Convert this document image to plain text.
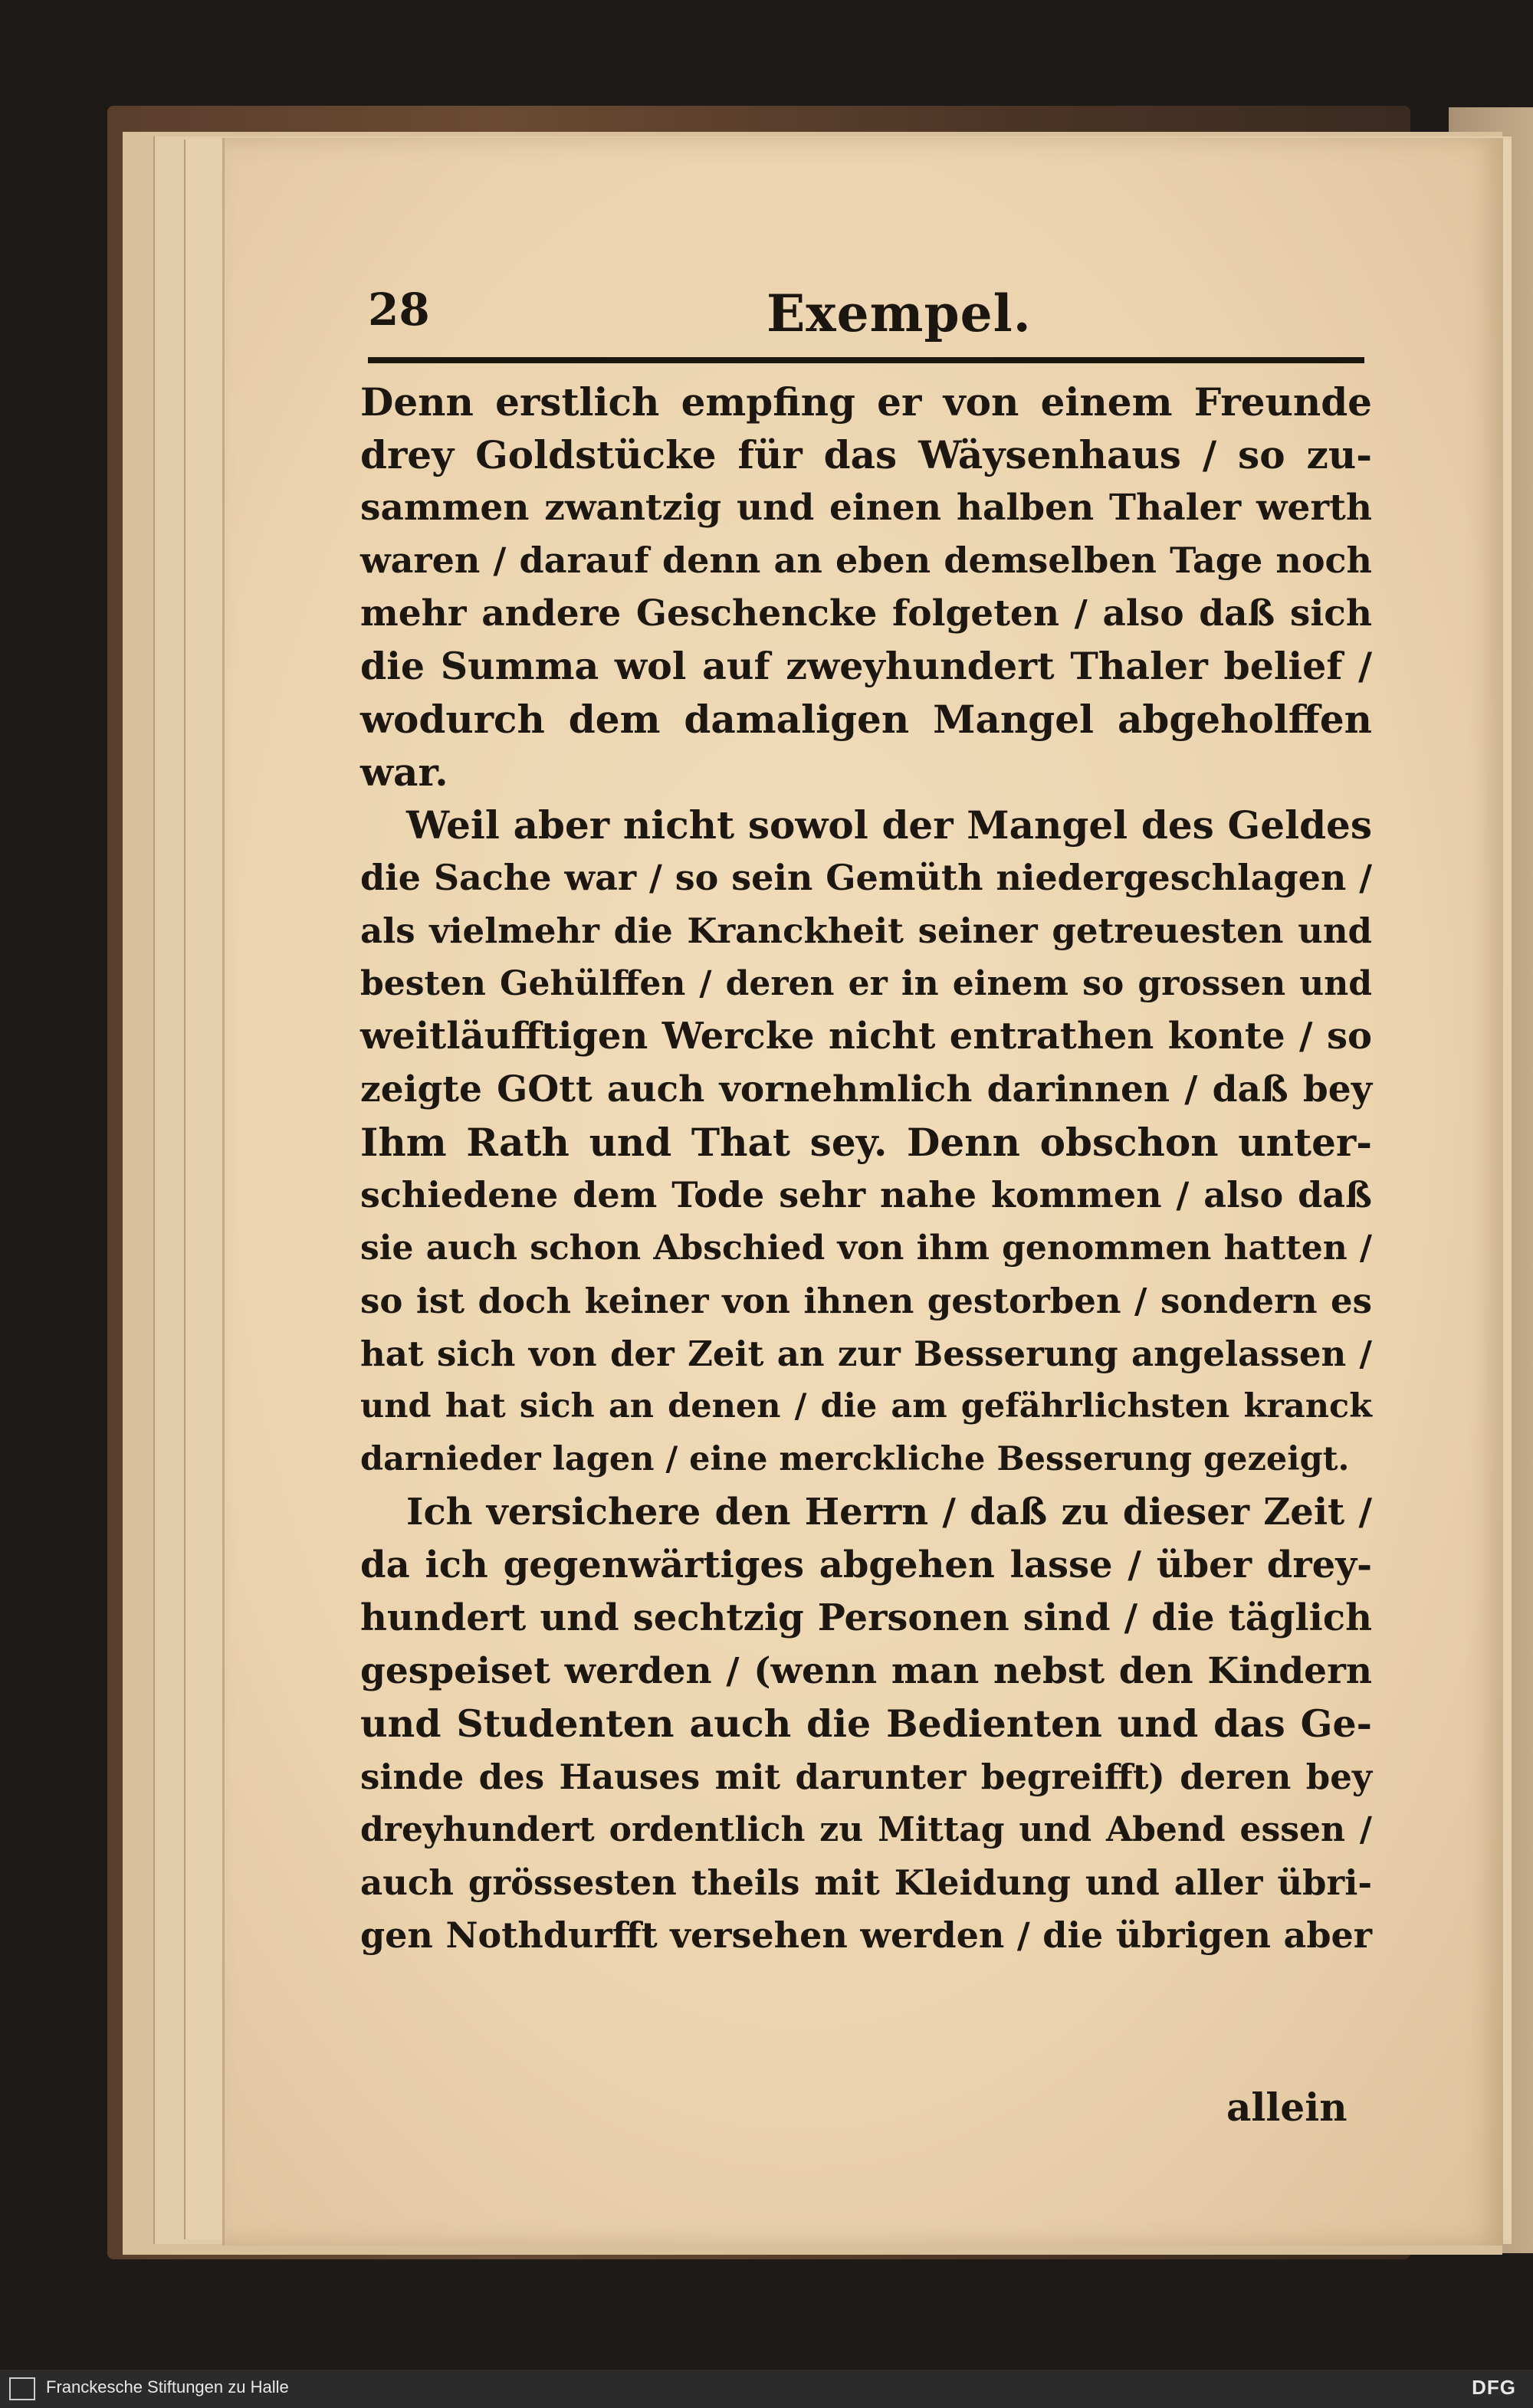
28	Exempel.
Denn erstlich empfing er von einem Freunde
drey Goldstücke für das Wäysenhaus / so zu-
sammen zwantzig und einen halben Thaler werth
waren / darauf denn an eben demselben Tage noch
mehr andere Geschencke folgeten / also daß sich
die Summa wol auf zweyhundert Thaler belief /
wodurch dem damaligen Mangel abgeholffen
war.
Weil aber nicht sowol der Mangel des Geldes
die Sache war / so sein Gemüth niedergeschlagen /
als vielmehr die Kranckheit seiner getreuesten und
besten Gehülffen / deren er in einem so grossen und
weitläufftigen Wercke nicht entrathen konte / so
zeigte GOtt auch vornehmlich darinnen / daß bey
Ihm Rath und That sey. Denn obschon unter-
schiedene dem Tode sehr nahe kommen / also daß
sie auch schon Abschied von ihm genommen hatten /
so ist doch keiner von ihnen gestorben / sondern es
hat sich von der Zeit an zur Besserung angelassen /
und hat sich an denen / die am gefährlichsten kranck
darnieder lagen / eine merckliche Besserung gezeigt.
Ich versichere den Herrn / daß zu dieser Zeit /
da ich gegenwärtiges abgehen lasse / über drey-
hundert und sechtzig Personen sind / die täglich
gespeiset werden / (wenn man nebst den Kindern
und Studenten auch die Bedienten und das Ge-
sinde des Hauses mit darunter begreifft) deren bey
dreyhundert ordentlich zu Mittag und Abend essen /
auch grössesten theils mit Kleidung und aller übri-
gen Nothdurfft versehen werden / die übrigen aber
allein
Franckesche Stiftungen zu Halle	DFG
